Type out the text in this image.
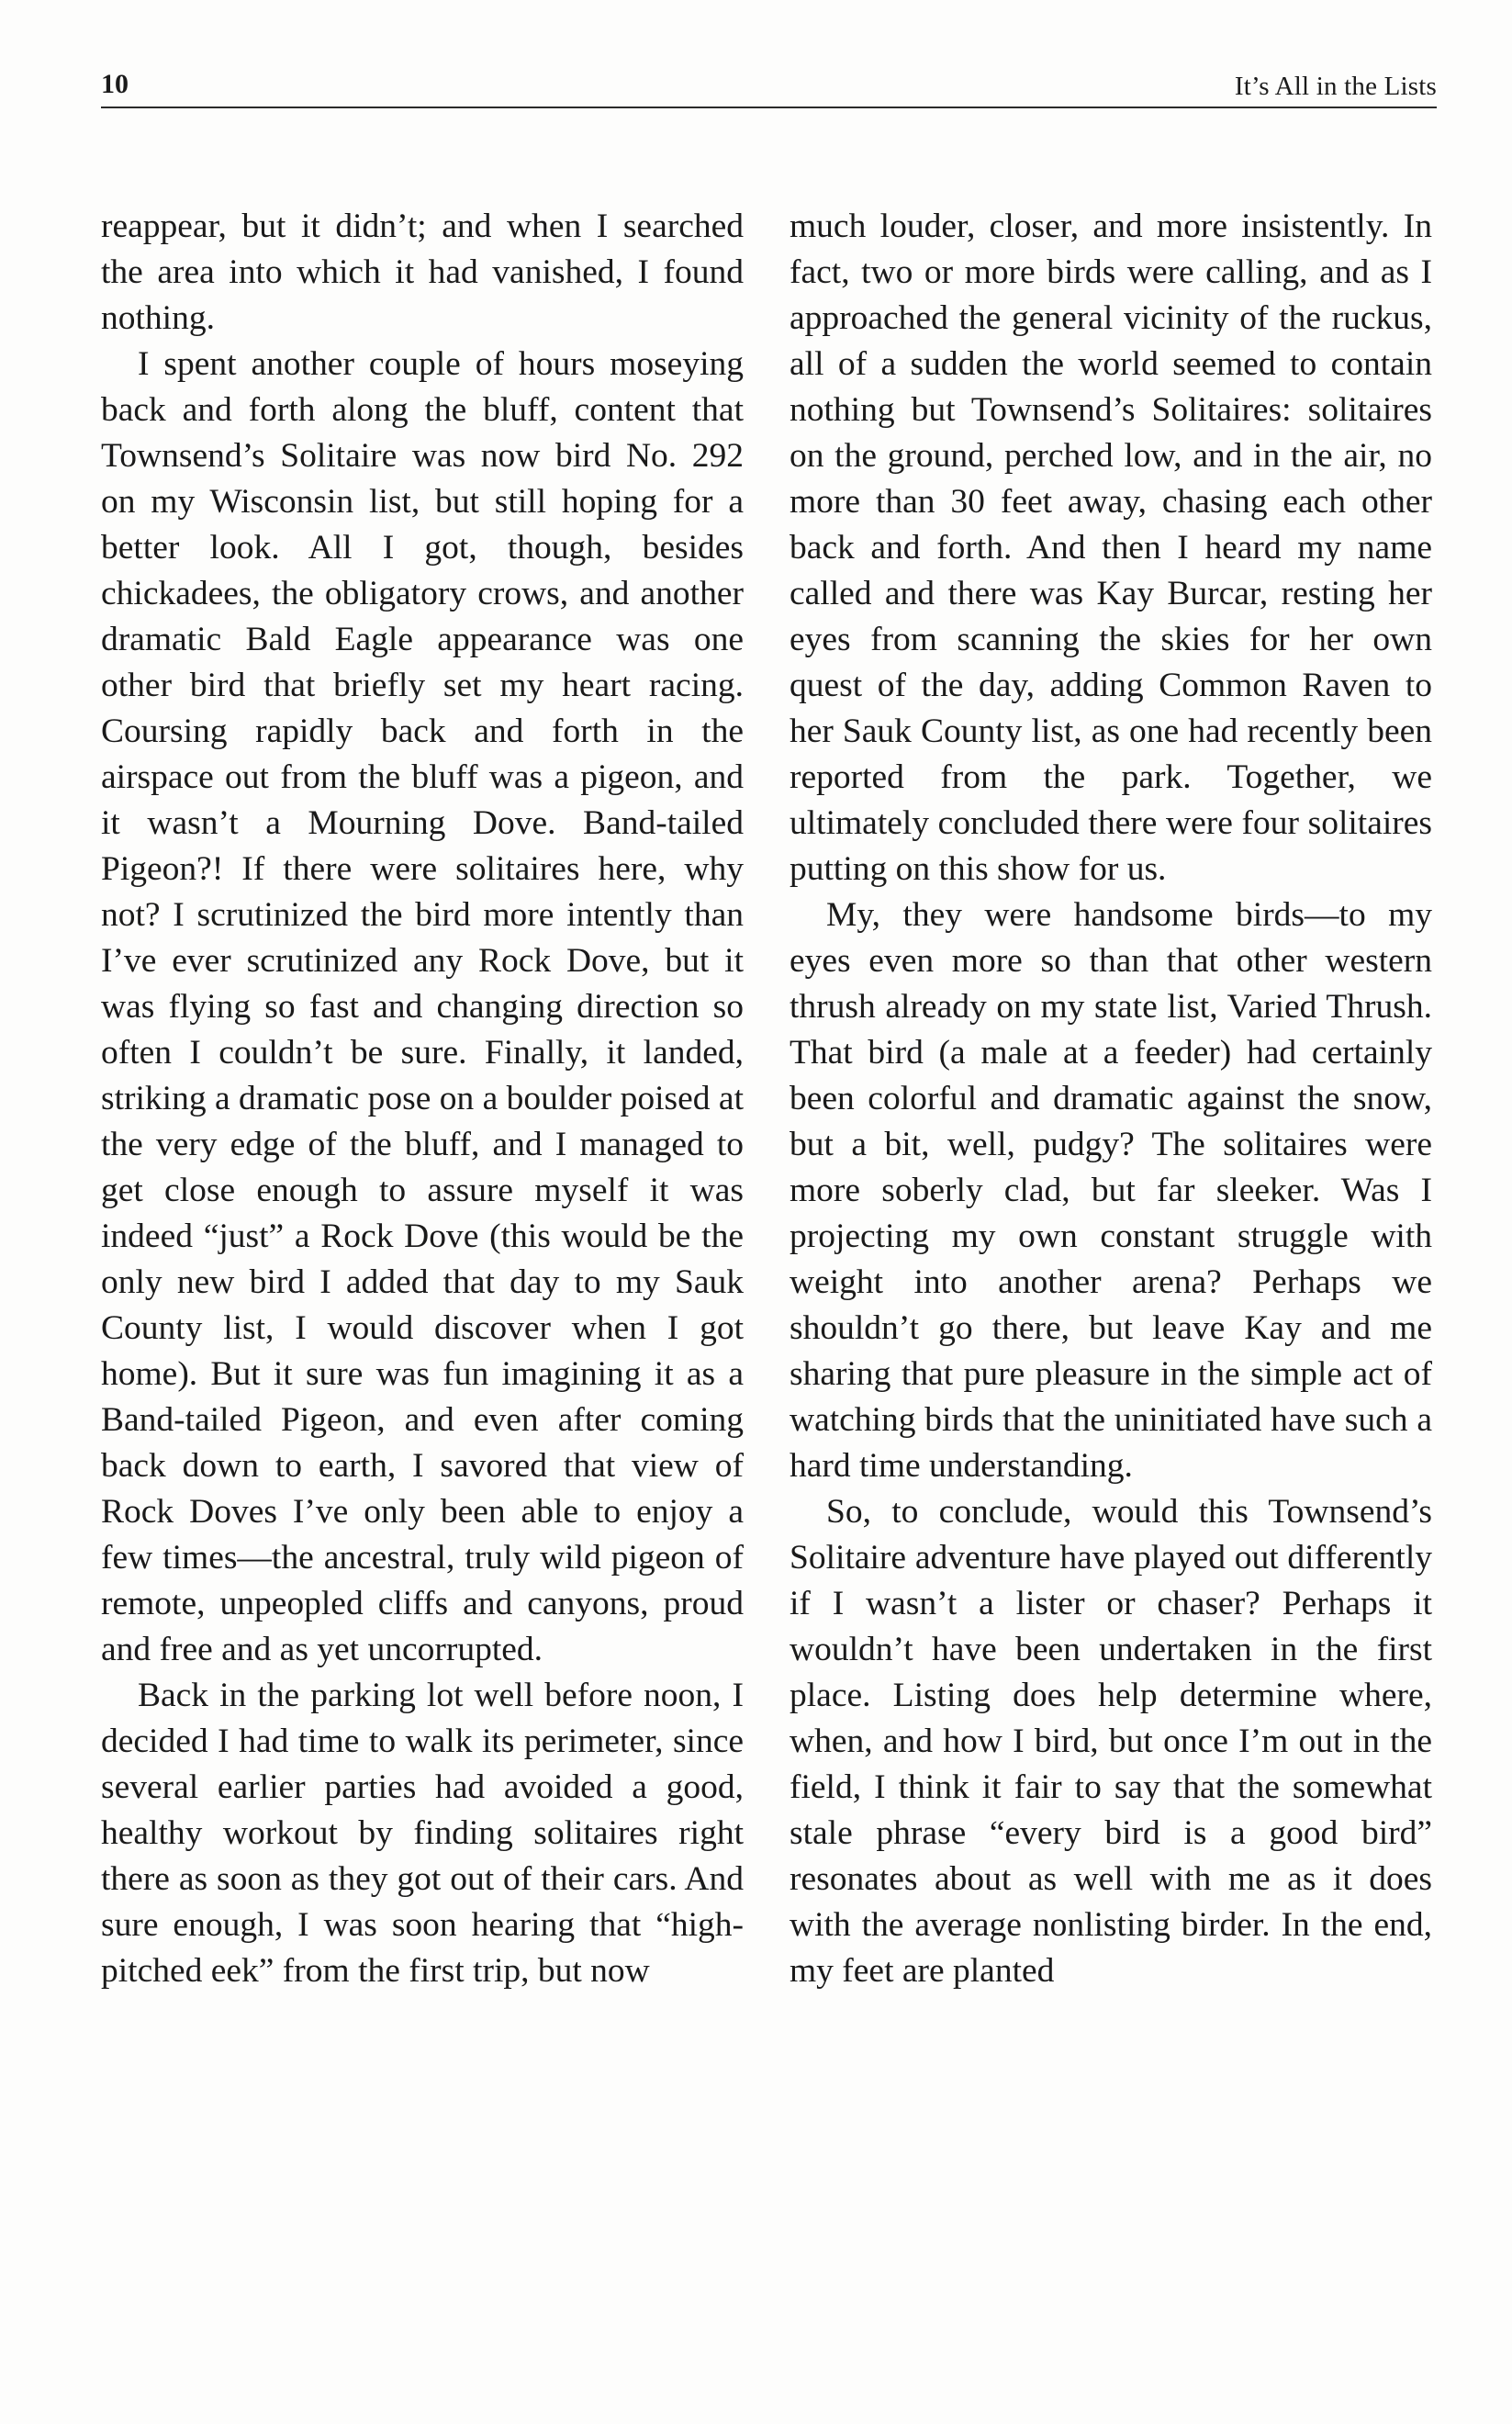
10	It’s All in the Lists

reappear, but it didn’t; and when I searched the area into which it had vanished, I found nothing.

I spent another couple of hours moseying back and forth along the bluff, content that Townsend’s Solitaire was now bird No. 292 on my Wisconsin list, but still hoping for a better look. All I got, though, besides chickadees, the obligatory crows, and another dramatic Bald Eagle appearance was one other bird that briefly set my heart racing. Coursing rapidly back and forth in the airspace out from the bluff was a pigeon, and it wasn’t a Mourning Dove. Band-tailed Pigeon?! If there were solitaires here, why not? I scrutinized the bird more intently than I’ve ever scrutinized any Rock Dove, but it was flying so fast and changing direction so often I couldn’t be sure. Finally, it landed, striking a dramatic pose on a boulder poised at the very edge of the bluff, and I managed to get close enough to assure myself it was indeed “just” a Rock Dove (this would be the only new bird I added that day to my Sauk County list, I would discover when I got home). But it sure was fun imagining it as a Band-tailed Pigeon, and even after coming back down to earth, I savored that view of Rock Doves I’ve only been able to enjoy a few times—the ancestral, truly wild pigeon of remote, unpeopled cliffs and canyons, proud and free and as yet uncorrupted.

Back in the parking lot well before noon, I decided I had time to walk its perimeter, since several earlier parties had avoided a good, healthy workout by finding solitaires right there as soon as they got out of their cars. And sure enough, I was soon hearing that “high-pitched eek” from the first trip, but now

much louder, closer, and more insistently. In fact, two or more birds were calling, and as I approached the general vicinity of the ruckus, all of a sudden the world seemed to contain nothing but Townsend’s Solitaires: solitaires on the ground, perched low, and in the air, no more than 30 feet away, chasing each other back and forth. And then I heard my name called and there was Kay Burcar, resting her eyes from scanning the skies for her own quest of the day, adding Common Raven to her Sauk County list, as one had recently been reported from the park. Together, we ultimately concluded there were four solitaires putting on this show for us.

My, they were handsome birds—to my eyes even more so than that other western thrush already on my state list, Varied Thrush. That bird (a male at a feeder) had certainly been colorful and dramatic against the snow, but a bit, well, pudgy? The solitaires were more soberly clad, but far sleeker. Was I projecting my own constant struggle with weight into another arena? Perhaps we shouldn’t go there, but leave Kay and me sharing that pure pleasure in the simple act of watching birds that the uninitiated have such a hard time understanding.

So, to conclude, would this Townsend’s Solitaire adventure have played out differently if I wasn’t a lister or chaser? Perhaps it wouldn’t have been undertaken in the first place. Listing does help determine where, when, and how I bird, but once I’m out in the field, I think it fair to say that the somewhat stale phrase “every bird is a good bird” resonates about as well with me as it does with the average nonlisting birder. In the end, my feet are planted
